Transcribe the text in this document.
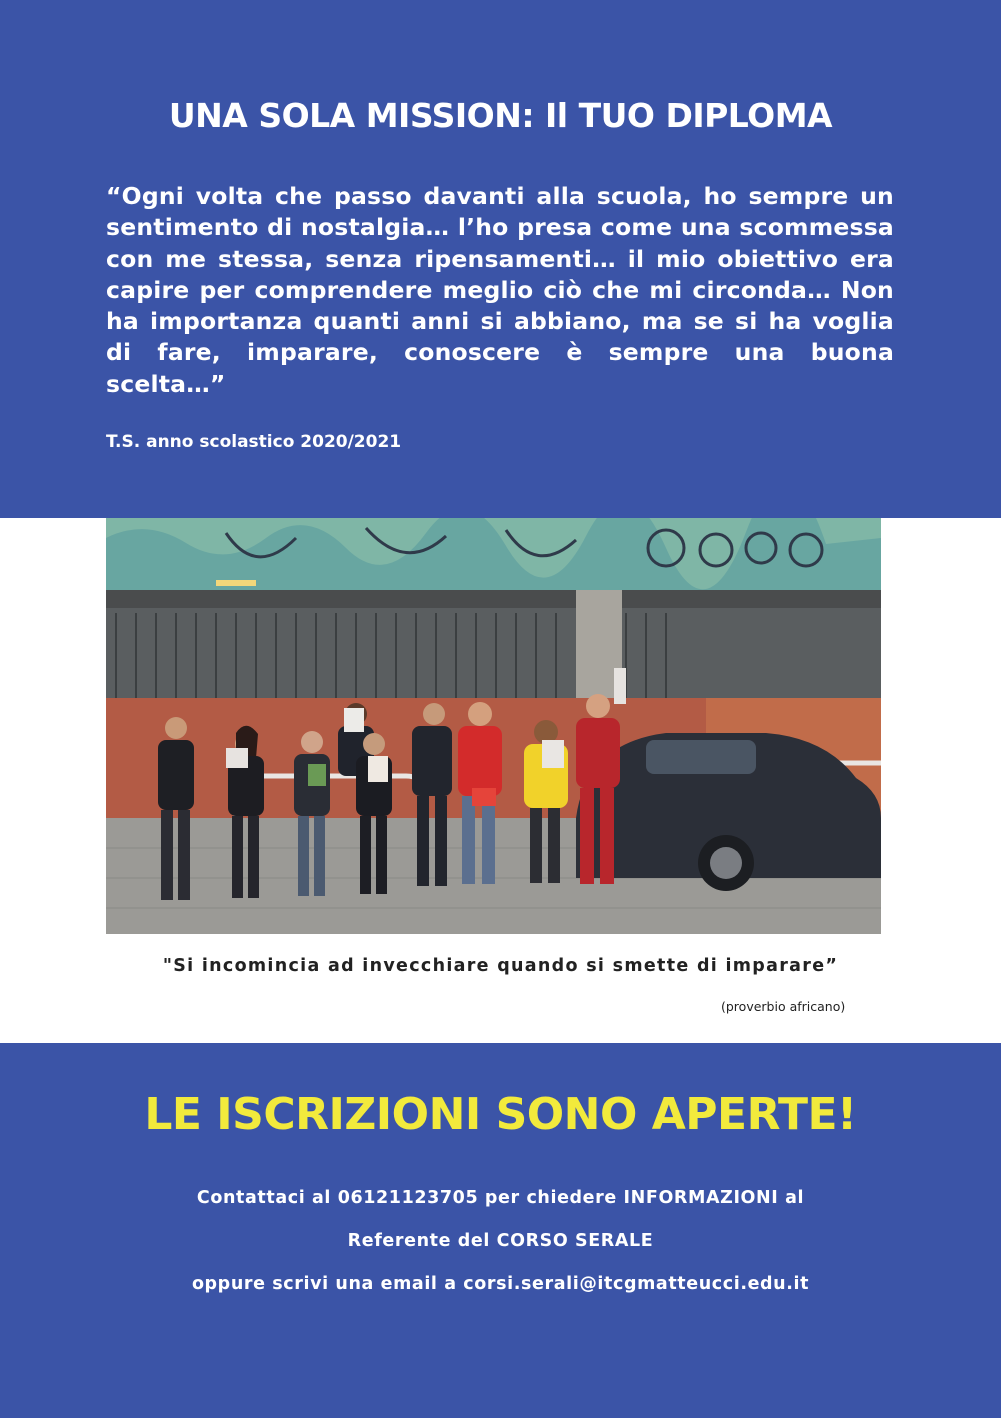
UNA SOLA MISSION: Il TUO DIPLOMA
“Ogni volta che passo davanti alla scuola, ho sempre un sentimento di nostalgia… l’ho presa come una scommessa con me stessa, senza ripensamenti… il mio obiettivo era capire per comprendere meglio ciò che mi circonda… Non ha importanza quanti anni si abbiano, ma se si ha voglia di fare, imparare, conoscere è sempre una buona scelta…”
T.S. anno scolastico 2020/2021
"Si incomincia ad invecchiare quando si smette di imparare”
(proverbio africano)
LE ISCRIZIONI SONO APERTE!
Contattaci al 06121123705 per chiedere INFORMAZIONI al
Referente del CORSO SERALE
oppure scrivi una email a corsi.serali@itcgmatteucci.edu.it
